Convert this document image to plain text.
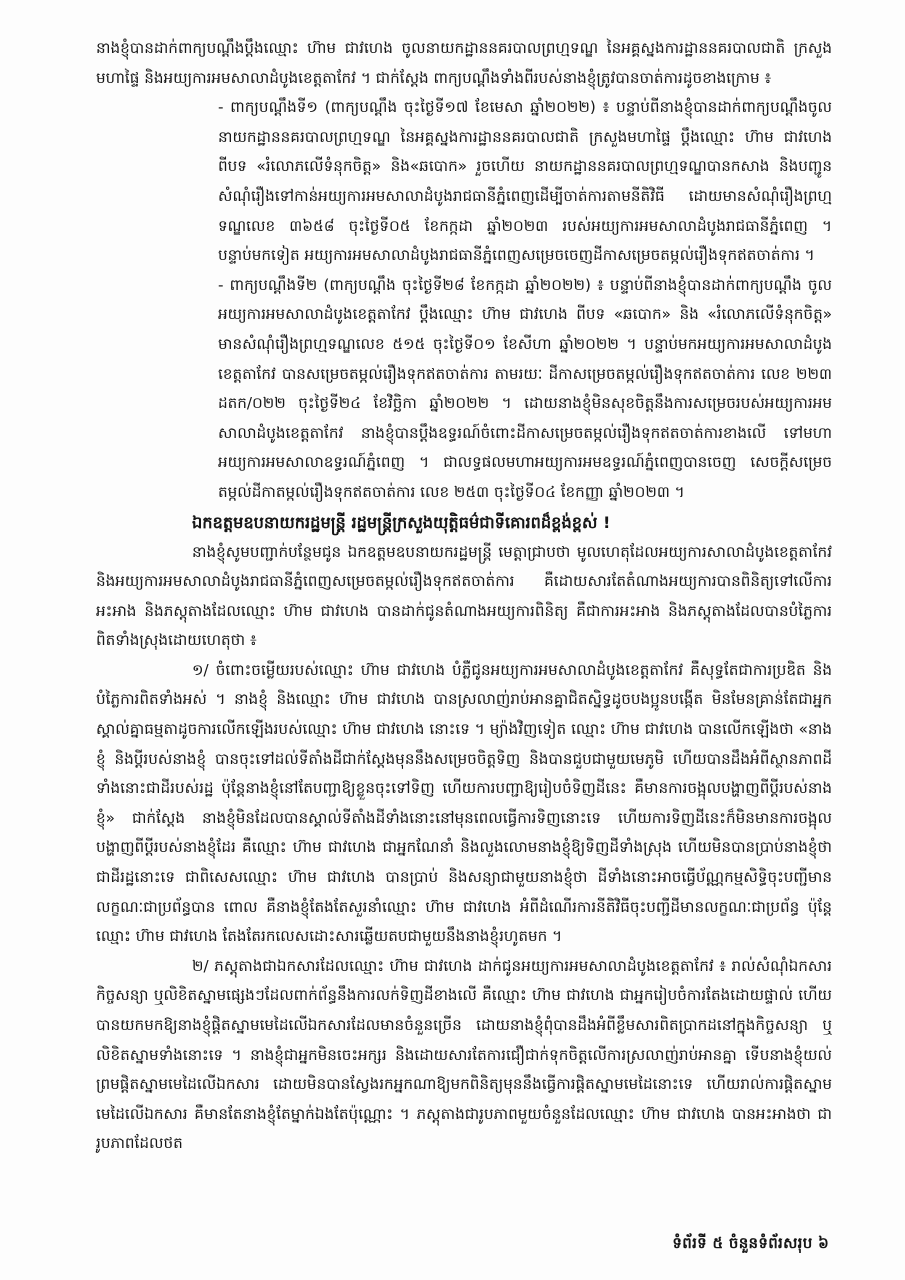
នាងខ្ញុំបានដាក់ពាក្យបណ្ដឹងប្ដឹងឈ្មោះ ហ៊ាម ជាវហេង ចូលនាយកដ្ឋាននគរបាលព្រហ្មទណ្ឌ នៃអគ្គស្នងការដ្ឋាននគរបាលជាតិ ក្រសួងមហាផ្ទៃ និងអយ្យការអមសាលាដំបូងខេត្តតាកែវ ។ ជាក់ស្តែង ពាក្យបណ្ដឹងទាំងពីរបស់នាងខ្ញុំត្រូវបានចាត់ការដូចខាងក្រោម ៖

- ពាក្យបណ្ដឹងទី១ (ពាក្យបណ្ដឹង ចុះថ្ងៃទី១៧ ខែមេសា ឆ្នាំ២០២២) ៖ បន្ទាប់ពីនាងខ្ញុំបានដាក់ពាក្យបណ្ដឹងចូលនាយកដ្ឋាននគរបាលព្រហ្មទណ្ឌ នៃអគ្គស្នងការដ្ឋាននគរបាលជាតិ ក្រសួងមហាផ្ទៃ ប្ដឹងឈ្មោះ ហ៊ាម ជាវហេង ពីបទ «រំលោភលើទំនុកចិត្ត» និង«ឆបោក» រួចហើយ នាយកដ្ឋាននគរបាលព្រហ្មទណ្ឌបានកសាង និងបញ្ជូនសំណុំរឿងទៅកាន់អយ្យការអមសាលាដំបូងរាជធានីភ្នំពេញដើម្បីចាត់ការតាមនីតិវិធី ដោយមានសំណុំរឿងព្រហ្មទណ្ឌលេខ ៣៦៥៨ ចុះថ្ងៃទី០៥ ខែកក្កដា ឆ្នាំ២០២៣ របស់អយ្យការអមសាលាដំបូងរាជធានីភ្នំពេញ ។ បន្ទាប់មកទៀត អយ្យការអមសាលាដំបូងរាជធានីភ្នំពេញសម្រេចចេញដីកាសម្រេចតម្កល់រឿងទុកឥតចាត់ការ ។

- ពាក្យបណ្ដឹងទី២ (ពាក្យបណ្ដឹង ចុះថ្ងៃទី២៨ ខែកក្កដា ឆ្នាំ២០២២) ៖ បន្ទាប់ពីនាងខ្ញុំបានដាក់ពាក្យបណ្ដឹង ចូលអយ្យការអមសាលាដំបូងខេត្តតាកែវ ប្ដឹងឈ្មោះ ហ៊ាម ជាវហេង ពីបទ «ឆបោក» និង «រំលោភលើទំនុកចិត្ត» មានសំណុំរឿងព្រហ្មទណ្ឌលេខ ៥១៥ ចុះថ្ងៃទី០១ ខែសីហា ឆ្នាំ២០២២ ។ បន្ទាប់មកអយ្យការអមសាលាដំបូងខេត្តតាកែវ បានសម្រេចតម្កល់រឿងទុកឥតចាត់ការ តាមរយៈ ដីកាសម្រេចតម្កល់រឿងទុកឥតចាត់ការ លេខ ២២៣ ដតក/០២២ ចុះថ្ងៃទី២៤ ខែវិច្ឆិកា ឆ្នាំ២០២២ ។ ដោយនាងខ្ញុំមិនសុខចិត្តនឹងការសម្រេចរបស់អយ្យការអមសាលាដំបូងខេត្តតាកែវ នាងខ្ញុំបានប្ដឹងឧទ្ធរណ៍ចំពោះដីកាសម្រេចតម្កល់រឿងទុកឥតចាត់ការខាងលើ ទៅមហាអយ្យការអមសាលាឧទ្ធរណ៍ភ្នំពេញ ។ ជាលទ្ធផលមហាអយ្យការអមឧទ្ធរណ៍ភ្នំពេញបានចេញ សេចក្តីសម្រេចតម្កល់ដីកាតម្កល់រឿងទុកឥតចាត់ការ លេខ ២៥៣ ចុះថ្ងៃទី០៤ ខែកញ្ញា ឆ្នាំ២០២៣ ។

ឯកឧត្តមឧបនាយករដ្ឋមន្ត្រី រដ្ឋមន្ត្រីក្រសួងយុត្តិធម៌ជាទីគោរពដ៏ខ្ពង់ខ្ពស់ !

នាងខ្ញុំសូមបញ្ជាក់បន្ថែមជូន ឯកឧត្តមឧបនាយករដ្ឋមន្ត្រី មេត្តាជ្រាបថា មូលហេតុដែលអយ្យការសាលាដំបូងខេត្តតាកែវ និងអយ្យការអមសាលាដំបូងរាជធានីភ្នំពេញសម្រេចតម្កល់រឿងទុកឥតចាត់ការ គឺដោយសារតែតំណាងអយ្យការបានពិនិត្យទៅលើការអះអាង និងភស្តុតាងដែលឈ្មោះ ហ៊ាម ជាវហេង បានដាក់ជូនតំណាងអយ្យការពិនិត្យ គឺជាការអះអាង និងភស្តុតាងដែលបានបំភ្លៃការពិតទាំងស្រុងដោយហេតុថា ៖

១/ ចំពោះចម្លើយរបស់ឈ្មោះ ហ៊ាម ជាវហេង បំភ្លឺជូនអយ្យការអមសាលាដំបូងខេត្តតាកែវ គឺសុទ្ធតែជាការប្រឌិត និងបំភ្លៃការពិតទាំងអស់ ។ នាងខ្ញុំ និងឈ្មោះ ហ៊ាម ជាវហេង បានស្រលាញ់រាប់អានគ្នាជិតស្និទ្ធដូចបងប្អូនបង្កើត មិនមែនគ្រាន់តែជាអ្នកស្គាល់គ្នាធម្មតាដូចការលើកឡើងរបស់ឈ្មោះ ហ៊ាម ជាវហេង នោះទេ ។ ម្យ៉ាងវិញទៀត ឈ្មោះ ហ៊ាម ជាវហេង បានលើកឡើងថា «នាងខ្ញុំ និងប្ដីរបស់នាងខ្ញុំ បានចុះទៅដល់ទីតាំងដីជាក់ស្តែងមុននឹងសម្រេចចិត្តទិញ និងបានជួបជាមួយមេភូមិ ហើយបានដឹងអំពីស្ថានភាពដីទាំងនោះជាដីរបស់រដ្ឋ ប៉ុន្តែនាងខ្ញុំនៅតែបញ្ជាឱ្យខ្លួនចុះទៅទិញ ហើយការបញ្ជាឱ្យរៀបចំទិញដីនេះ គឺមានការចង្អុលបង្ហាញពីប្ដីរបស់នាងខ្ញុំ» ជាក់ស្តែង នាងខ្ញុំមិនដែលបានស្គាល់ទីតាំងដីទាំងនោះនៅមុនពេលធ្វើការទិញនោះទេ ហើយការទិញដីនេះក៏មិនមានការចង្អុលបង្ហាញពីប្ដីរបស់នាងខ្ញុំដែរ គឺឈ្មោះ ហ៊ាម ជាវហេង ជាអ្នកណែនាំ និងលួងលោមនាងខ្ញុំឱ្យទិញដីទាំងស្រុង ហើយមិនបានប្រាប់នាងខ្ញុំថាជាដីរដ្ឋនោះទេ ជាពិសេសឈ្មោះ ហ៊ាម ជាវហេង បានប្រាប់ និងសន្យាជាមួយនាងខ្ញុំថា ដីទាំងនោះអាចធ្វើប័ណ្ណកម្មសិទ្ធិចុះបញ្ជីមានលក្ខណៈជាប្រព័ន្ធបាន ពោល គឺនាងខ្ញុំតែងតែសួរនាំឈ្មោះ ហ៊ាម ជាវហេង អំពីដំណើរការនីតិវិធីចុះបញ្ជីដីមានលក្ខណៈជាប្រព័ន្ធ ប៉ុន្តែឈ្មោះ ហ៊ាម ជាវហេង តែងតែរកលេសដោះសារឆ្លើយតបជាមួយនឹងនាងខ្ញុំរហូតមក ។

២/ ភស្តុតាងជាឯកសារដែលឈ្មោះ ហ៊ាម ជាវហេង ដាក់ជូនអយ្យការអមសាលាដំបូងខេត្តតាកែវ ៖ រាល់សំណុំឯកសារកិច្ចសន្យា ឬលិខិតស្នាមផ្សេងៗដែលពាក់ព័ន្ធនឹងការលក់ទិញដីខាងលើ គឺឈ្មោះ ហ៊ាម ជាវហេង ជាអ្នករៀបចំការតែងដោយផ្ទាល់ ហើយបានយកមកឱ្យនាងខ្ញុំផ្តិតស្នាមមេដៃលើឯកសារដែលមានចំនួនច្រើន ដោយនាងខ្ញុំពុំបានដឹងអំពីខ្លឹមសារពិតប្រាកដនៅក្នុងកិច្ចសន្យា ឬលិខិតស្នាមទាំងនោះទេ ។ នាងខ្ញុំជាអ្នកមិនចេះអក្សរ និងដោយសារតែការជឿជាក់ទុកចិត្តលើការស្រលាញ់រាប់អានគ្នា ទើបនាងខ្ញុំយល់ព្រមផ្តិតស្នាមមេដៃលើឯកសារ ដោយមិនបានស្វែងរកអ្នកណាឱ្យមកពិនិត្យមុននឹងធ្វើការផ្តិតស្នាមមេដៃនោះទេ ហើយរាល់ការផ្តិតស្នាមមេដៃលើឯកសារ គឺមានតែនាងខ្ញុំតែម្នាក់ឯងតែប៉ុណ្ណោះ ។ ភស្តុតាងជារូបភាពមួយចំនួនដែលឈ្មោះ ហ៊ាម ជាវហេង បានអះអាងថា ជារូបភាពដែលថត

ទំព័រទី ៥ ចំនួនទំព័រសរុប ៦
